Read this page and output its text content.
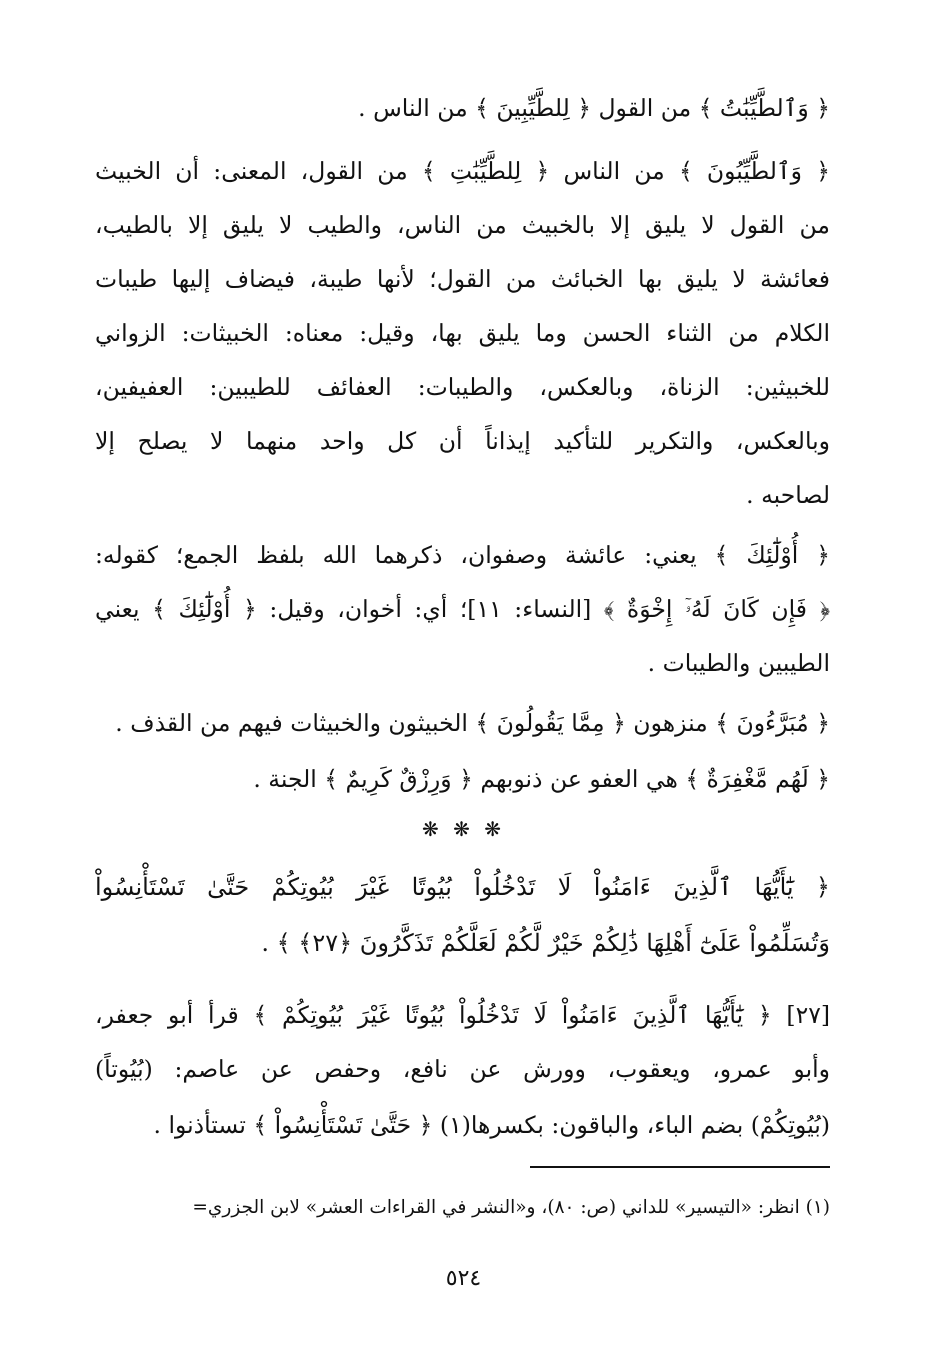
﴿ وَٱلطَّيِّبَٰتُ ﴾ من القول ﴿ لِلطَّيِّبِينَ ﴾ من الناس .
﴿ وَٱلطَّيِّبُونَ ﴾ من الناس ﴿ لِلطَّيِّبَٰتِ ﴾ من القول، المعنى: أن الخبيث
من القول لا يليق إلا بالخبيث من الناس، والطيب لا يليق إلا بالطيب،
فعائشة لا يليق بها الخبائث من القول؛ لأنها طيبة، فيضاف إليها طيبات
الكلام من الثناء الحسن وما يليق بها، وقيل: معناه: الخبيثات: الزواني
للخبيثين: الزناة، وبالعكس، والطيبات: العفائف للطيبين: العفيفين،
وبالعكس، والتكرير للتأكيد إيذاناً أن كل واحد منهما لا يصلح إلا
لصاحبه .
﴿ أُوْلَٰٓئِكَ ﴾ يعني: عائشة وصفوان، ذكرهما الله بلفظ الجمع؛ كقوله:
﴿ فَإِن كَانَ لَهُۥٓ إِخْوَةٌ ﴾ [النساء: ١١]؛ أي: أخوان، وقيل: ﴿ أُوْلَٰٓئِكَ ﴾ يعني
الطيبين والطيبات .
﴿ مُبَرَّءُونَ ﴾ منزهون ﴿ مِمَّا يَقُولُونَ ﴾ الخبيثون والخبيثات فيهم من القذف .
﴿ لَهُم مَّغْفِرَةٌ ﴾ هي العفو عن ذنوبهم ﴿ وَرِزْقٌ كَرِيمٌ ﴾ الجنة .
❋ ❋ ❋
﴿ يَٰٓأَيُّهَا ٱلَّذِينَ ءَامَنُواْ لَا تَدْخُلُواْ بُيُوتًا غَيْرَ بُيُوتِكُمْ حَتَّىٰ تَسْتَأْنِسُواْ
وَتُسَلِّمُواْ عَلَىٰٓ أَهْلِهَا ذَٰلِكُمْ خَيْرٌ لَّكُمْ لَعَلَّكُمْ تَذَكَّرُونَ ﴿٢٧﴾ ﴾ .
[٢٧] ﴿ يَٰٓأَيُّهَا ٱلَّذِينَ ءَامَنُواْ لَا تَدْخُلُواْ بُيُوتًا غَيْرَ بُيُوتِكُمْ ﴾ قرأ أبو جعفر،
وأبو عمرو، ويعقوب، وورش عن نافع، وحفص عن عاصم: (بُيُوتاً)
(بُيُوتِكُمْ) بضم الباء، والباقون: بكسرها(١) ﴿ حَتَّىٰ تَسْتَأْنِسُواْ ﴾ تستأذنوا .
(١) انظر: «التيسير» للداني (ص: ٨٠)، و«النشر في القراءات العشر» لابن الجزري=
٥٢٤
